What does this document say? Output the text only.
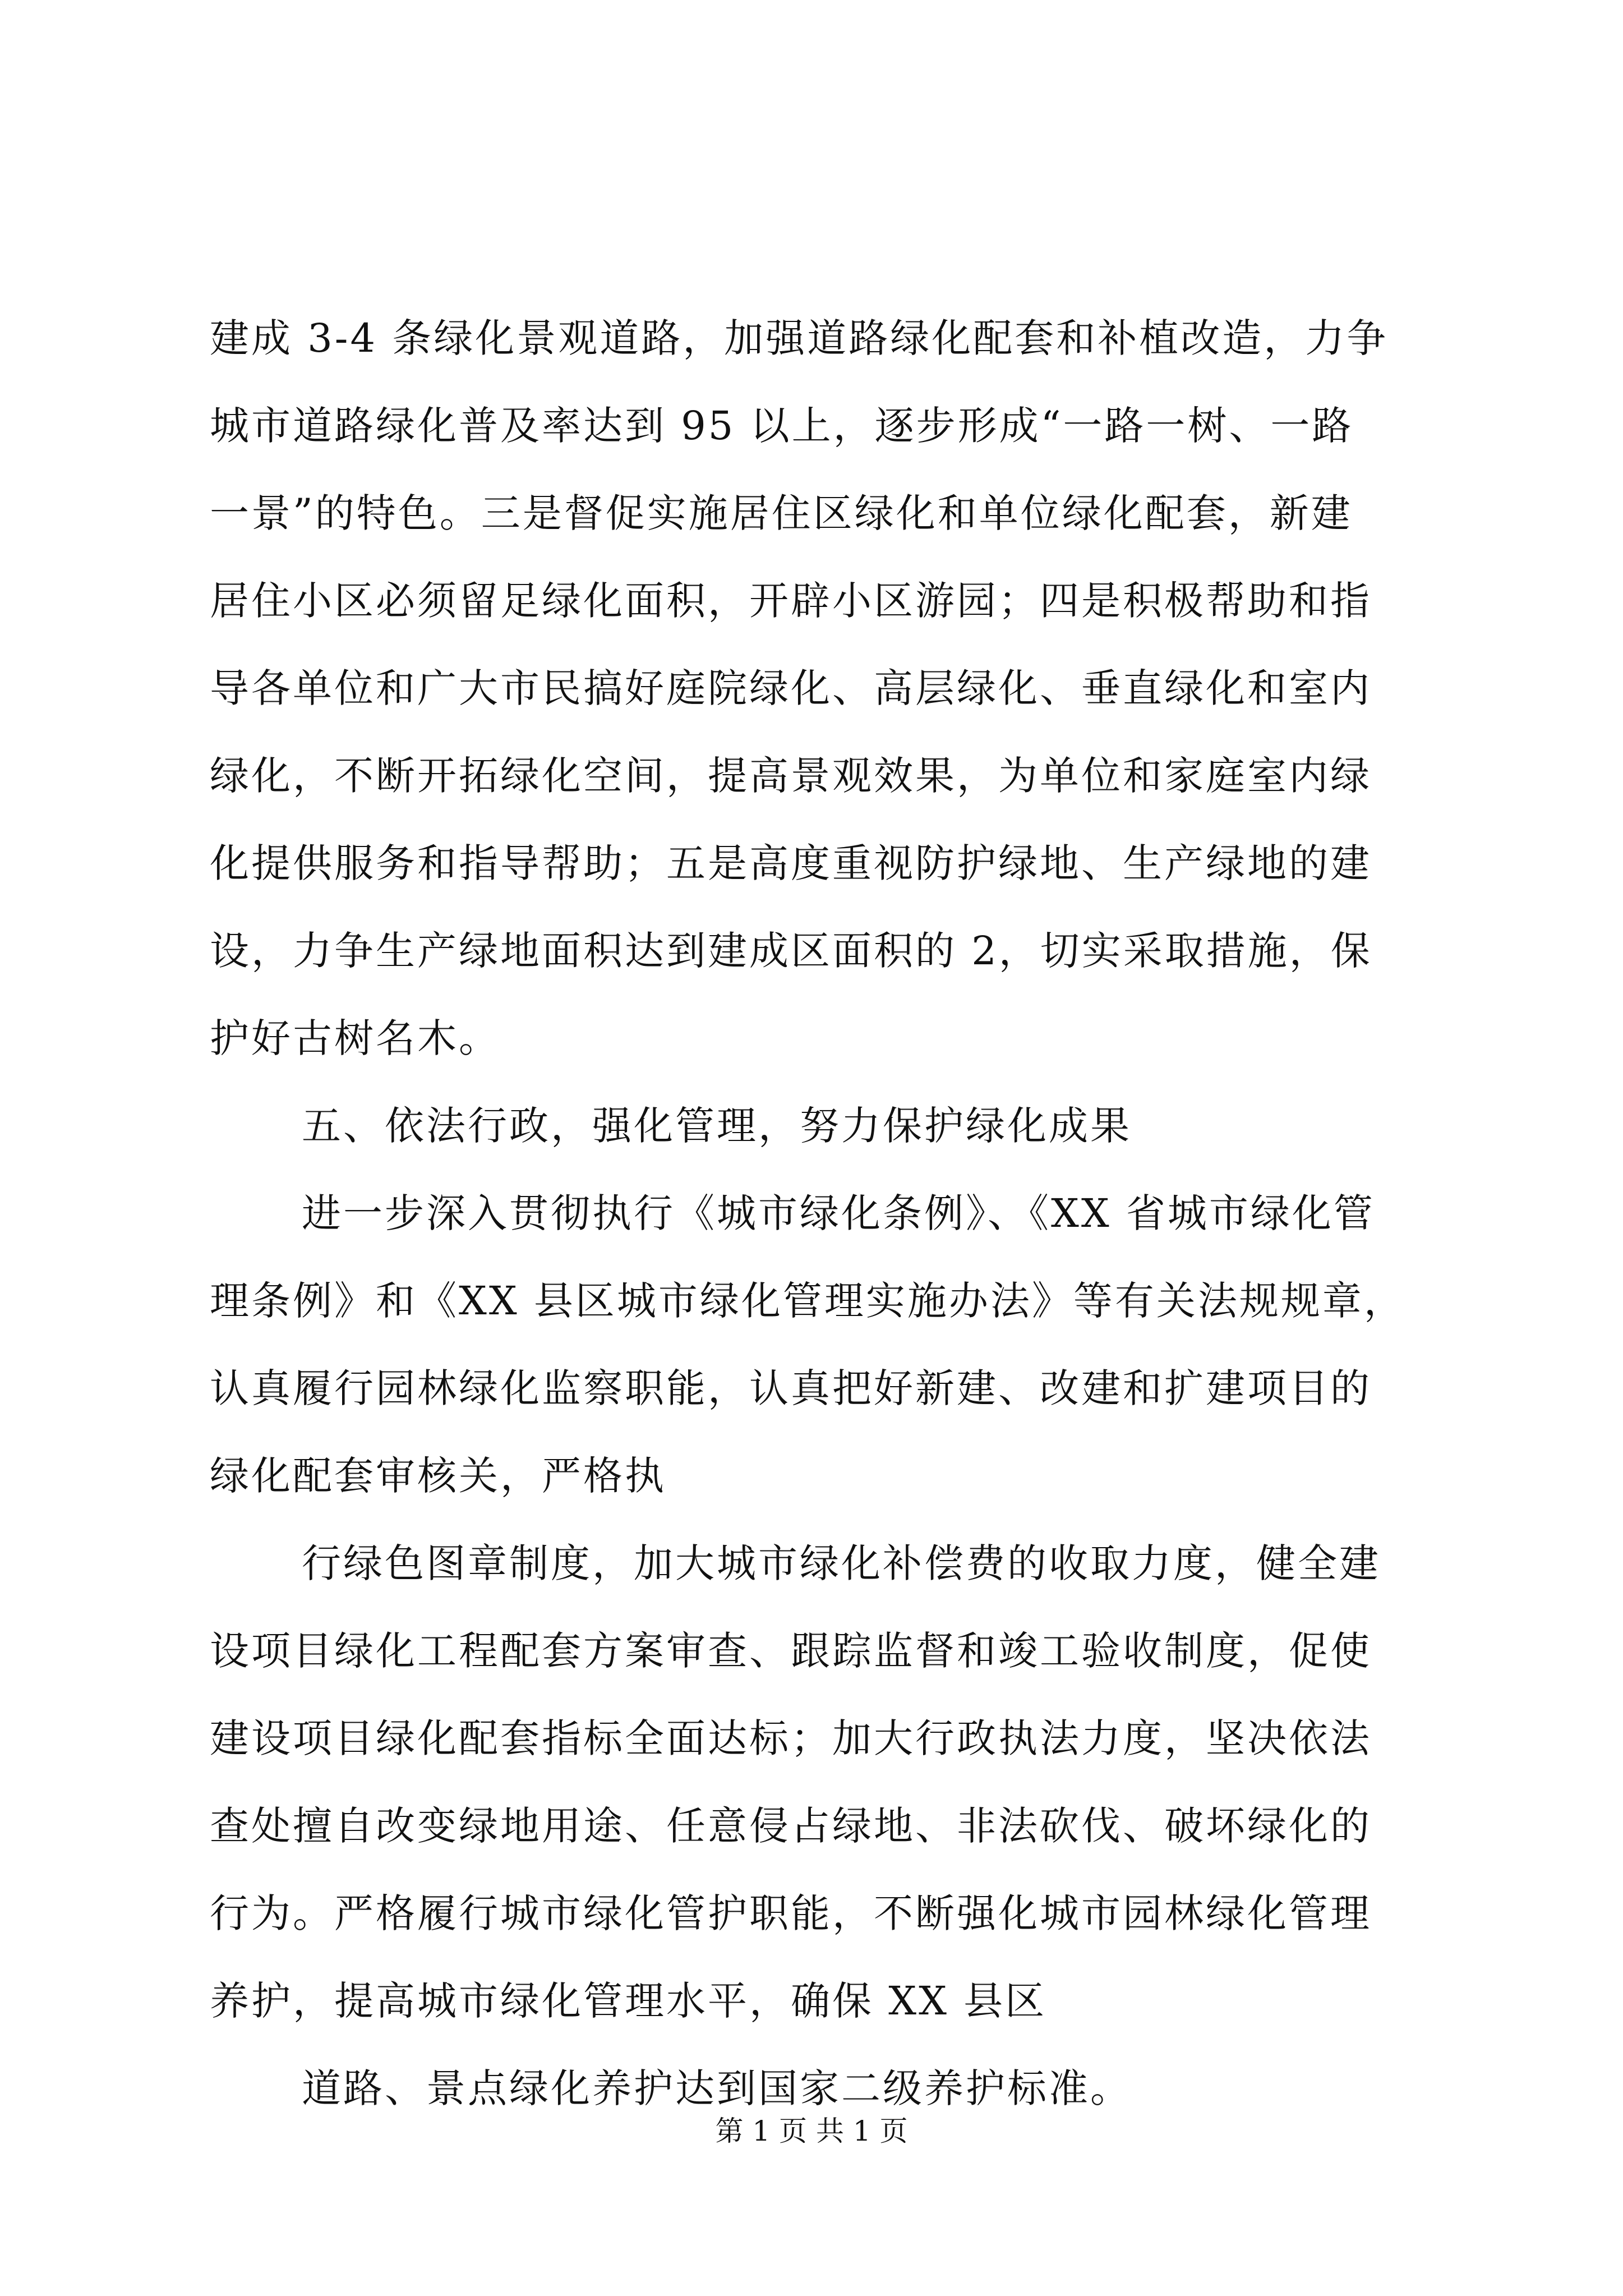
建成 3-4 条绿化景观道路，加强道路绿化配套和补植改造，力争
城市道路绿化普及率达到 95 以上，逐步形成“一路一树、一路
一景”的特色。三是督促实施居住区绿化和单位绿化配套，新建
居住小区必须留足绿化面积，开辟小区游园；四是积极帮助和指
导各单位和广大市民搞好庭院绿化、高层绿化、垂直绿化和室内
绿化，不断开拓绿化空间，提高景观效果，为单位和家庭室内绿
化提供服务和指导帮助；五是高度重视防护绿地、生产绿地的建
设，力争生产绿地面积达到建成区面积的 2，切实采取措施，保
护好古树名木。
五、依法行政，强化管理，努力保护绿化成果
进一步深入贯彻执行《城市绿化条例》、《XX 省城市绿化管
理条例》和《XX 县区城市绿化管理实施办法》等有关法规规章，
认真履行园林绿化监察职能，认真把好新建、改建和扩建项目的
绿化配套审核关，严格执
行绿色图章制度，加大城市绿化补偿费的收取力度，健全建
设项目绿化工程配套方案审查、跟踪监督和竣工验收制度，促使
建设项目绿化配套指标全面达标；加大行政执法力度，坚决依法
查处擅自改变绿地用途、任意侵占绿地、非法砍伐、破坏绿化的
行为。严格履行城市绿化管护职能，不断强化城市园林绿化管理
养护，提高城市绿化管理水平，确保 XX 县区
道路、景点绿化养护达到国家二级养护标准。
第 1 页 共 1 页
